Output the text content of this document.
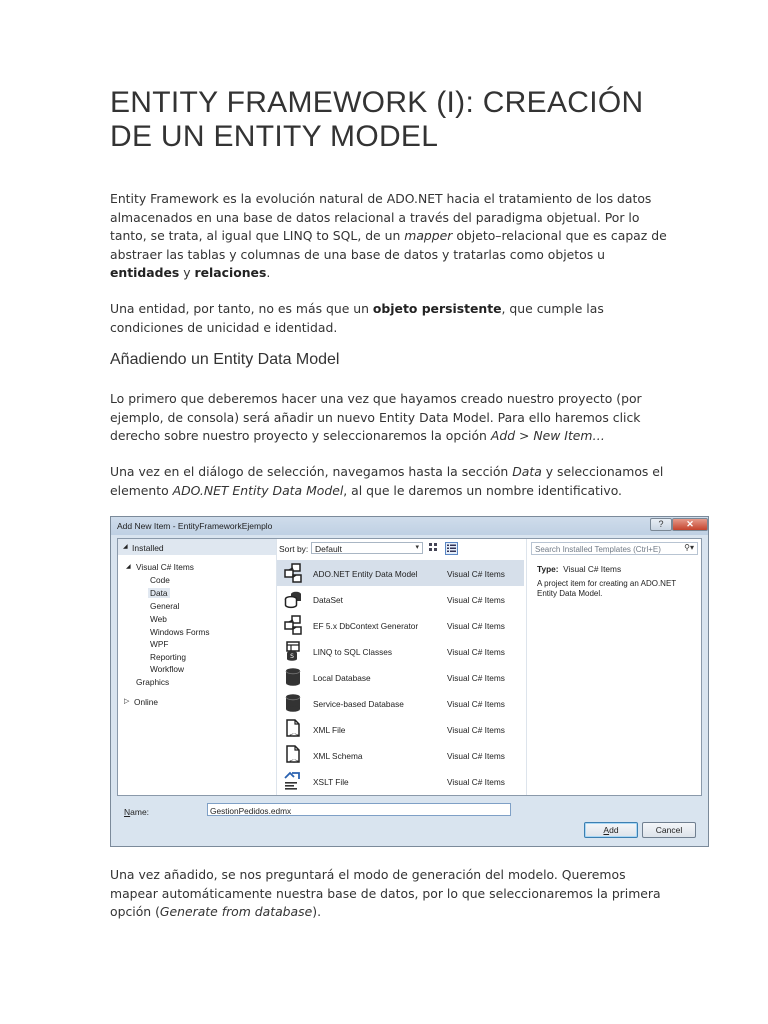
ENTITY FRAMEWORK (I): CREACIÓN
DE UN ENTITY MODEL

Entity Framework es la evolución natural de ADO.NET hacia el tratamiento de los datos almacenados en una base de datos relacional a través del paradigma objetual. Por lo tanto, se trata, al igual que LINQ to SQL, de un mapper objeto–relacional que es capaz de abstraer las tablas y columnas de una base de datos y tratarlas como objetos u entidades y relaciones.

Una entidad, por tanto, no es más que un objeto persistente, que cumple las condiciones de unicidad e identidad.

Añadiendo un Entity Data Model

Lo primero que deberemos hacer una vez que hayamos creado nuestro proyecto (por ejemplo, de consola) será añadir un nuevo Entity Data Model. Para ello haremos click derecho sobre nuestro proyecto y seleccionaremos la opción Add > New Item…

Una vez en el diálogo de selección, navegamos hasta la sección Data y seleccionamos el elemento ADO.NET Entity Data Model, al que le daremos un nombre identificativo.

Add New Item - EntityFrameworkEjemplo	?	✕
◢ Installed
◢ Visual C# Items
Code
Data
General
Web
Windows Forms
WPF
Reporting
Workflow
Graphics
▷ Online
Sort by: Default	▾
ADO.NET Entity Data Model	Visual C# Items
DataSet	Visual C# Items
EF 5.x DbContext Generator	Visual C# Items
S LINQ to SQL Classes	Visual C# Items
Local Database	Visual C# Items
Service-based Database	Visual C# Items
<>
XML File	Visual C# Items
<>
XML Schema	Visual C# Items
XSLT File	Visual C# Items
Search Installed Templates (Ctrl+E)	⚲▾
Type: Visual C# Items
A project item for creating an ADO.NET Entity Data Model.
Name:	GestionPedidos.edmx
Add	Cancel

Una vez añadido, se nos preguntará el modo de generación del modelo. Queremos mapear automáticamente nuestra base de datos, por lo que seleccionaremos la primera opción (Generate from database).
